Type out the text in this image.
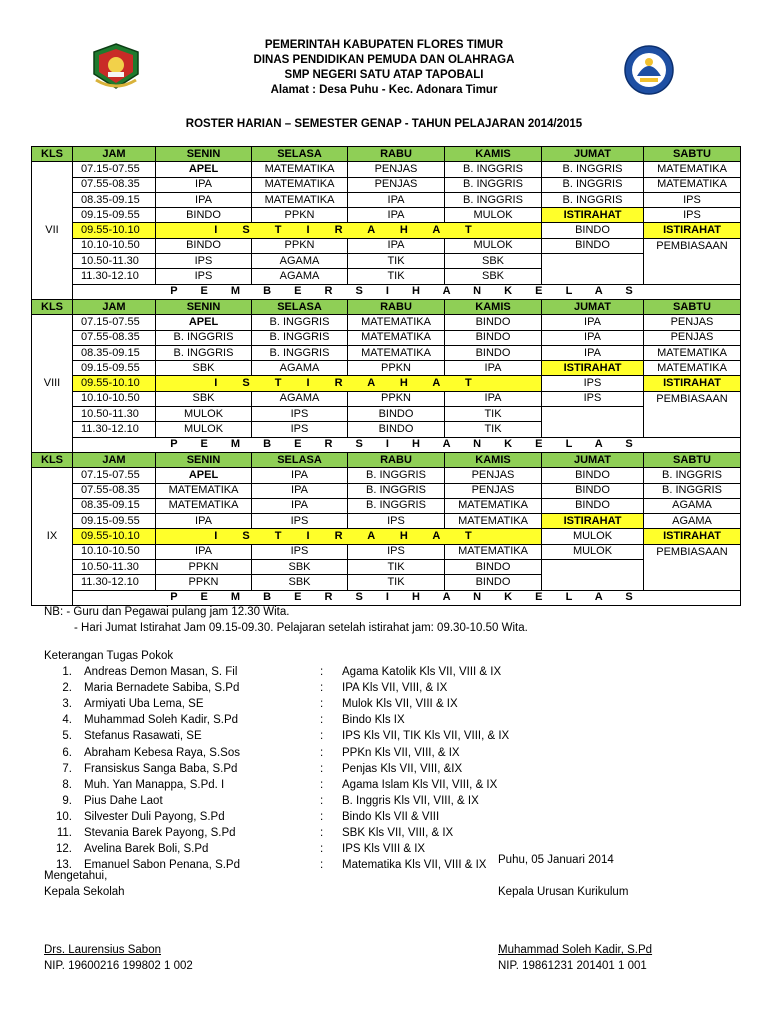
PEMERINTAH KABUPATEN FLORES TIMUR
DINAS PENDIDIKAN PEMUDA DAN OLAHRAGA
SMP NEGERI SATU ATAP TAPOBALI
Alamat : Desa Puhu - Kec. Adonara Timur
ROSTER HARIAN – SEMESTER GENAP - TAHUN PELAJARAN 2014/2015
KLS	JAM	SENIN	SELASA	RABU	KAMIS	JUMAT	SABTU
VII	07.15-07.55	APEL	MATEMATIKA	PENJAS	B. INGGRIS	B. INGGRIS	MATEMATIKA
	07.55-08.35	IPA	MATEMATIKA	PENJAS	B. INGGRIS	B. INGGRIS	MATEMATIKA
	08.35-09.15	IPA	MATEMATIKA	IPA	B. INGGRIS	B. INGGRIS	IPS
	09.15-09.55	BINDO	PPKN	IPA	MULOK	ISTIRAHAT	IPS
	09.55-10.10	I S T I R A H A T				BINDO	ISTIRAHAT
	10.10-10.50	BINDO	PPKN	IPA	MULOK	BINDO	PEMBIASAAN
	10.50-11.30	IPS	AGAMA	TIK	SBK		
	11.30-12.10	IPS	AGAMA	TIK	SBK		
	P E M B E R S I H A N K E L A S						
KLS	JAM	SENIN	SELASA	RABU	KAMIS	JUMAT	SABTU
VIII	07.15-07.55	APEL	B. INGGRIS	MATEMATIKA	BINDO	IPA	PENJAS
	07.55-08.35	B. INGGRIS	B. INGGRIS	MATEMATIKA	BINDO	IPA	PENJAS
	08.35-09.15	B. INGGRIS	B. INGGRIS	MATEMATIKA	BINDO	IPA	MATEMATIKA
	09.15-09.55	SBK	AGAMA	PPKN	IPA	ISTIRAHAT	MATEMATIKA
	09.55-10.10	I S T I R A H A T				IPS	ISTIRAHAT
	10.10-10.50	SBK	AGAMA	PPKN	IPA	IPS	PEMBIASAAN
	10.50-11.30	MULOK	IPS	BINDO	TIK		
	11.30-12.10	MULOK	IPS	BINDO	TIK		
	P E M B E R S I H A N K E L A S						
KLS	JAM	SENIN	SELASA	RABU	KAMIS	JUMAT	SABTU
IX	07.15-07.55	APEL	IPA	B. INGGRIS	PENJAS	BINDO	B. INGGRIS
	07.55-08.35	MATEMATIKA	IPA	B. INGGRIS	PENJAS	BINDO	B. INGGRIS
	08.35-09.15	MATEMATIKA	IPA	B. INGGRIS	MATEMATIKA	BINDO	AGAMA
	09.15-09.55	IPA	IPS	IPS	MATEMATIKA	ISTIRAHAT	AGAMA
	09.55-10.10	I S T I R A H A T				MULOK	ISTIRAHAT
	10.10-10.50	IPA	IPS	IPS	MATEMATIKA	MULOK	PEMBIASAAN
	10.50-11.30	PPKN	SBK	TIK	BINDO		
	11.30-12.10	PPKN	SBK	TIK	BINDO		
	P E M B E R S I H A N K E L A S						
NB: - Guru dan Pegawai pulang jam 12.30 Wita.
- Hari Jumat Istirahat Jam 09.15-09.30. Pelajaran setelah istirahat jam: 09.30-10.50 Wita.
Keterangan Tugas Pokok
1.	Andreas Demon Masan, S. Fil	:	Agama Katolik Kls VII, VIII & IX
2.	Maria Bernadete Sabiba, S.Pd	:	IPA Kls VII, VIII, & IX
3.	Armiyati Uba Lema, SE	:	Mulok Kls VII, VIII & IX
4.	Muhammad Soleh Kadir, S.Pd	:	Bindo Kls IX
5.	Stefanus Rasawati, SE	:	IPS Kls VII, TIK Kls VII, VIII, & IX
6.	Abraham Kebesa Raya, S.Sos	:	PPKn Kls VII, VIII, & IX
7.	Fransiskus Sanga Baba, S.Pd	:	Penjas Kls VII, VIII, &IX
8.	Muh. Yan Manappa, S.Pd. I	:	Agama Islam Kls VII, VIII, & IX
9.	Pius Dahe Laot	:	B. Inggris Kls VII, VIII, & IX
10.	Silvester Duli Payong, S.Pd	:	Bindo Kls VII & VIII
11.	Stevania Barek Payong, S.Pd	:	SBK Kls VII, VIII, & IX
12.	Avelina Barek Boli, S.Pd	:	IPS Kls VIII & IX
13.	Emanuel Sabon Penana, S.Pd	:	Matematika Kls VII, VIII & IX Puhu, 05 Januari 2014
Mengetahui,
Kepala Sekolah	Kepala Urusan Kurikulum
Drs. Laurensius Sabon
NIP. 19600216 199802 1 002
Muhammad Soleh Kadir, S.Pd
NIP. 19861231 201401 1 001
